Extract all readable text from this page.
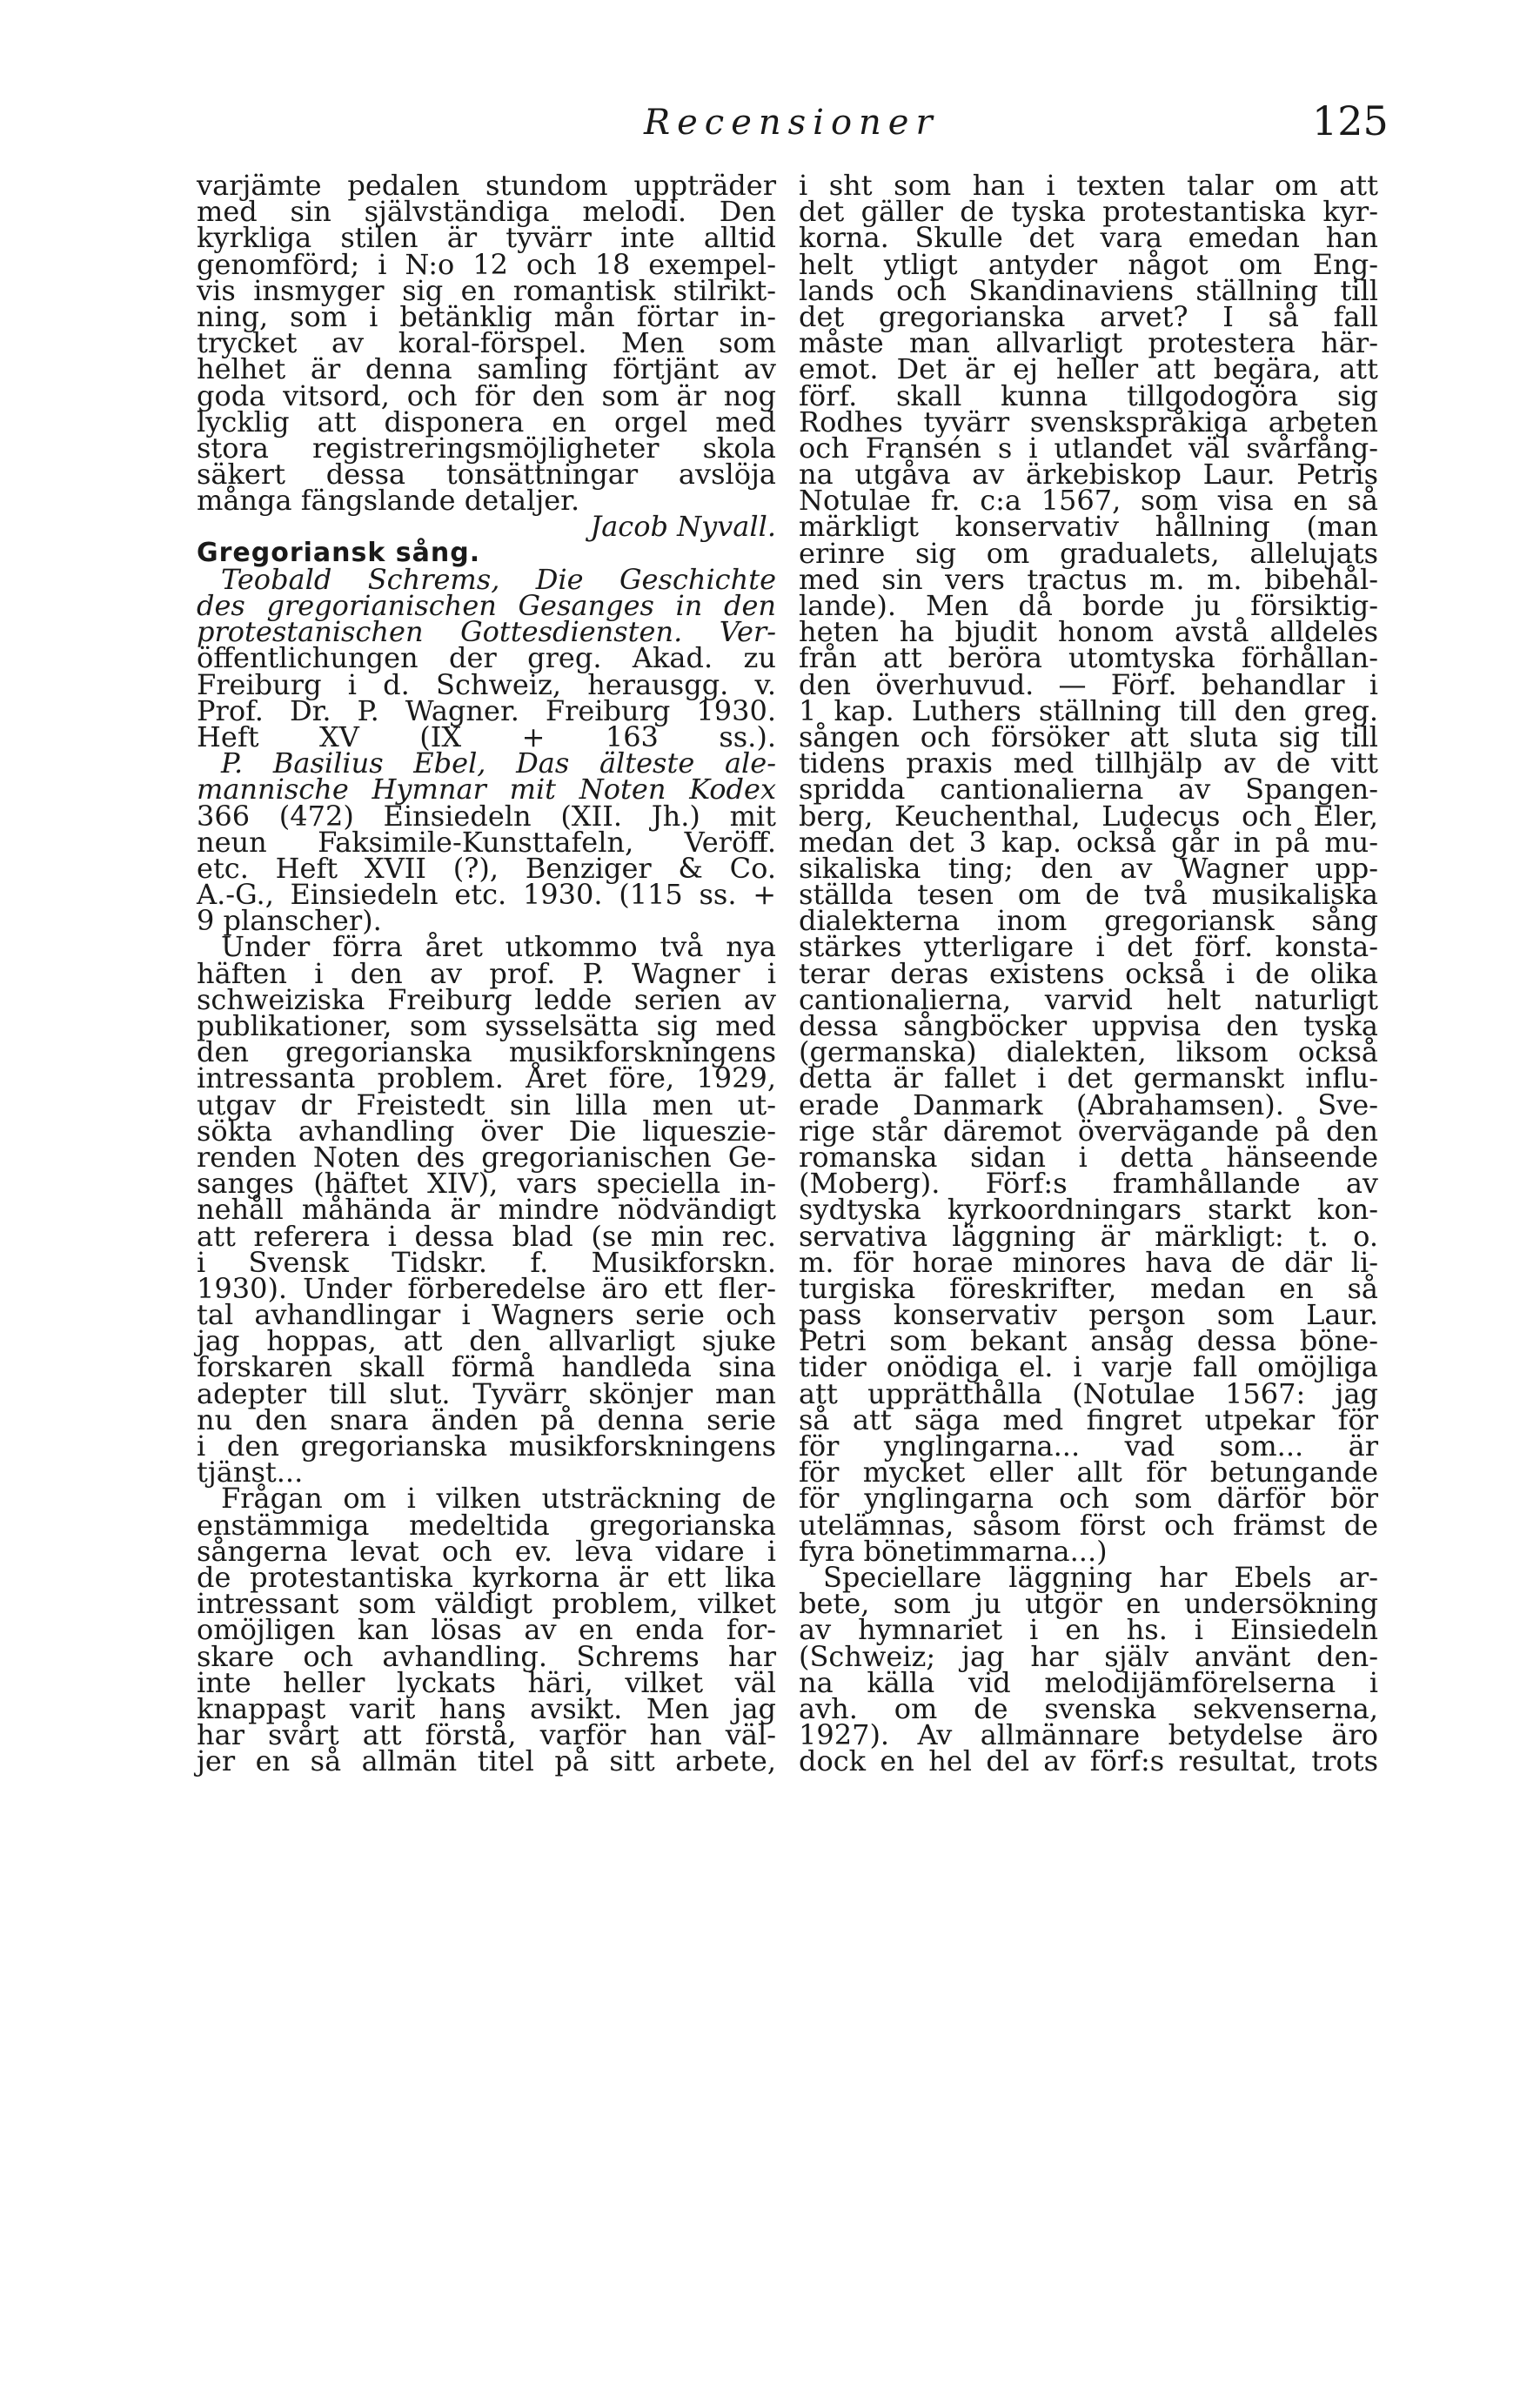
Recensioner	125
varjämte pedalen stundom uppträder
med sin självständiga melodi. Den
kyrkliga stilen är tyvärr inte alltid
genomförd; i N:o 12 och 18 exempel-
vis insmyger sig en romantisk stilrikt-
ning, som i betänklig mån förtar in-
trycket av koral-förspel. Men som
helhet är denna samling förtjänt av
goda vitsord, och för den som är nog
lycklig att disponera en orgel med
stora registreringsmöjligheter skola
säkert dessa tonsättningar avslöja
många fängslande detaljer.
Jacob Nyvall.
Gregoriansk sång.
Teobald Schrems, Die Geschichte
des gregorianischen Gesanges in den
protestanischen Gottesdiensten. Ver-
öffentlichungen der greg. Akad. zu
Freiburg i d. Schweiz, herausgg. v.
Prof. Dr. P. Wagner. Freiburg 1930.
Heft XV (IX + 163 ss.).
P. Basilius Ebel, Das älteste ale-
mannische Hymnar mit Noten Kodex
366 (472) Einsiedeln (XII. Jh.) mit
neun Faksimile-Kunsttafeln, Veröff.
etc. Heft XVII (?), Benziger & Co.
A.-G., Einsiedeln etc. 1930. (115 ss. +
9 planscher).
Under förra året utkommo två nya
häften i den av prof. P. Wagner i
schweiziska Freiburg ledde serien av
publikationer, som sysselsätta sig med
den gregorianska musikforskningens
intressanta problem. Året före, 1929,
utgav dr Freistedt sin lilla men ut-
sökta avhandling över Die liqueszie-
renden Noten des gregorianischen Ge-
sanges (häftet XIV), vars speciella in-
nehåll måhända är mindre nödvändigt
att referera i dessa blad (se min rec.
i Svensk Tidskr. f. Musikforskn.
1930). Under förberedelse äro ett fler-
tal avhandlingar i Wagners serie och
jag hoppas, att den allvarligt sjuke
forskaren skall förmå handleda sina
adepter till slut. Tyvärr skönjer man
nu den snara änden på denna serie
i den gregorianska musikforskningens
tjänst...
Frågan om i vilken utsträckning de
enstämmiga medeltida gregorianska
sångerna levat och ev. leva vidare i
de protestantiska kyrkorna är ett lika
intressant som väldigt problem, vilket
omöjligen kan lösas av en enda for-
skare och avhandling. Schrems har
inte heller lyckats häri, vilket väl
knappast varit hans avsikt. Men jag
har svårt att förstå, varför han väl-
jer en så allmän titel på sitt arbete,
i sht som han i texten talar om att
det gäller de tyska protestantiska kyr-
korna. Skulle det vara emedan han
helt ytligt antyder något om Eng-
lands och Skandinaviens ställning till
det gregorianska arvet? I så fall
måste man allvarligt protestera här-
emot. Det är ej heller att begära, att
förf. skall kunna tillgodogöra sig
Rodhes tyvärr svenskspråkiga arbeten
och Fransén s i utlandet väl svårfång-
na utgåva av ärkebiskop Laur. Petris
Notulae fr. c:a 1567, som visa en så
märkligt konservativ hållning (man
erinre sig om gradualets, allelujats
med sin vers tractus m. m. bibehål-
lande). Men då borde ju försiktig-
heten ha bjudit honom avstå alldeles
från att beröra utomtyska förhållan-
den överhuvud. — Förf. behandlar i
1 kap. Luthers ställning till den greg.
sången och försöker att sluta sig till
tidens praxis med tillhjälp av de vitt
spridda cantionalierna av Spangen-
berg, Keuchenthal, Ludecus och Eler,
medan det 3 kap. också går in på mu-
sikaliska ting; den av Wagner upp-
ställda tesen om de två musikaliska
dialekterna inom gregoriansk sång
stärkes ytterligare i det förf. konsta-
terar deras existens också i de olika
cantionalierna, varvid helt naturligt
dessa sångböcker uppvisa den tyska
(germanska) dialekten, liksom också
detta är fallet i det germanskt influ-
erade Danmark (Abrahamsen). Sve-
rige står däremot övervägande på den
romanska sidan i detta hänseende
(Moberg). Förf:s framhållande av
sydtyska kyrkoordningars starkt kon-
servativa läggning är märkligt: t. o.
m. för horae minores hava de där li-
turgiska föreskrifter, medan en så
pass konservativ person som Laur.
Petri som bekant ansåg dessa böne-
tider onödiga el. i varje fall omöjliga
att upprätthålla (Notulae 1567: jag
så att säga med fingret utpekar för
för ynglingarna... vad som... är
för mycket eller allt för betungande
för ynglingarna och som därför bör
utelämnas, såsom först och främst de
fyra bönetimmarna...)
Speciellare läggning har Ebels ar-
bete, som ju utgör en undersökning
av hymnariet i en hs. i Einsiedeln
(Schweiz; jag har själv använt den-
na källa vid melodijämförelserna i
avh. om de svenska sekvenserna,
1927). Av allmännare betydelse äro
dock en hel del av förf:s resultat, trots
